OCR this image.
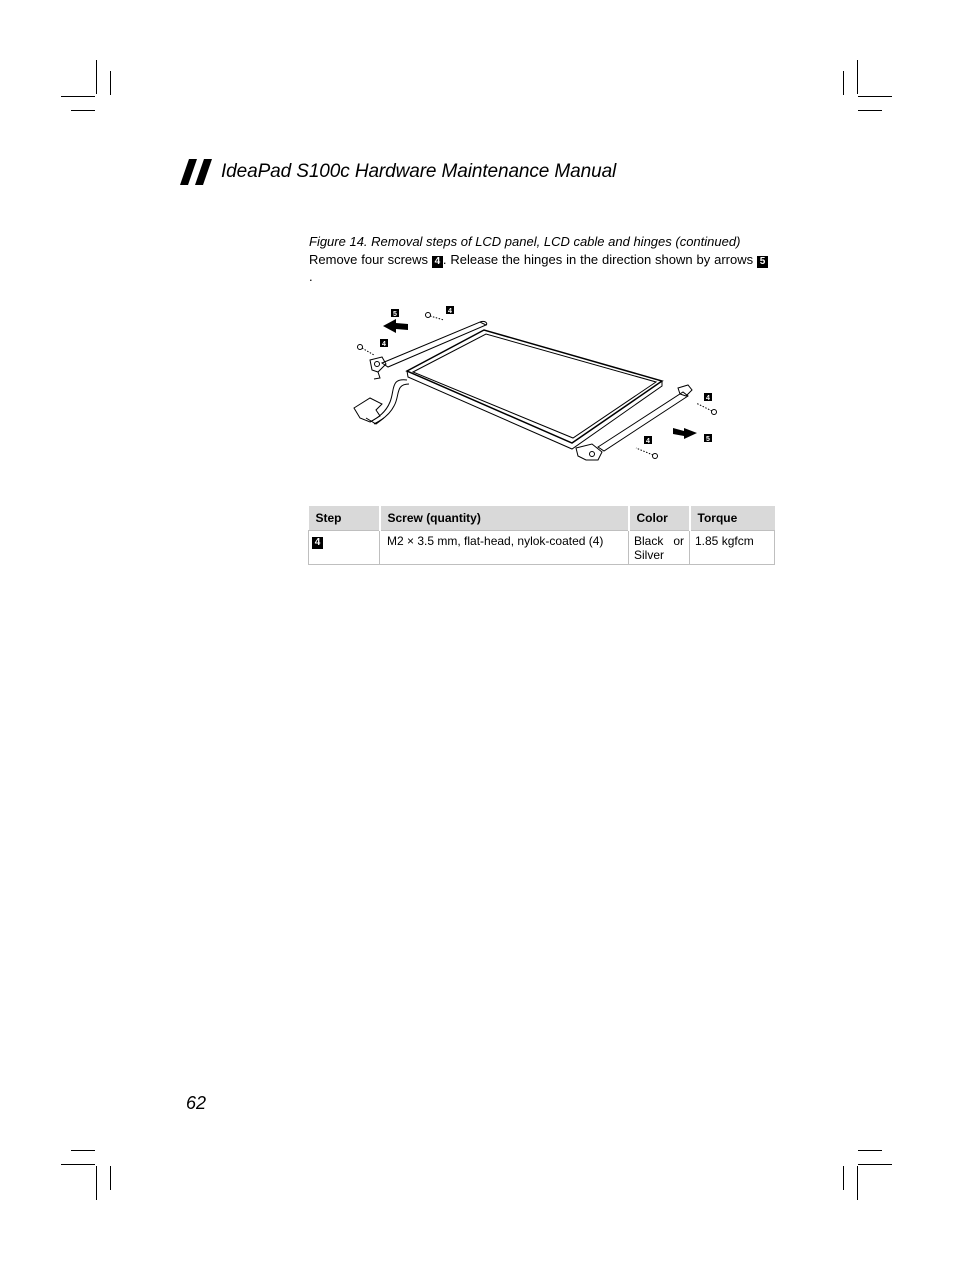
IdeaPad S100c Hardware Maintenance Manual
Figure 14. Removal steps of LCD panel, LCD cable and hinges (continued)
Remove four screws 4 . Release the hinges in the direction shown by arrows 5.
5	4
4
4
5
4
Step	Screw (quantity)	Color	Torque
4	M2 × 3.5 mm, flat-head, nylok-coated (4)	Black or Silver	1.85 kgfcm
62
